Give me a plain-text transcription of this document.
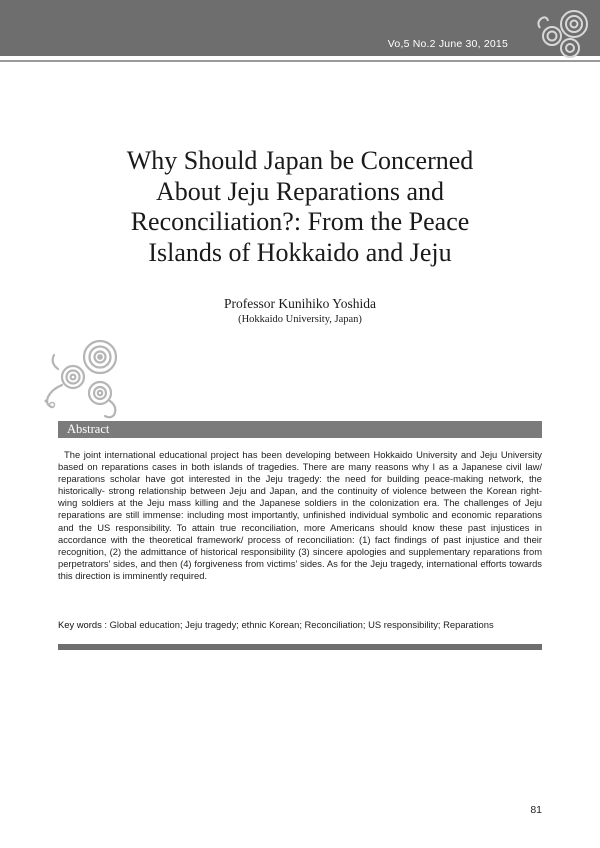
Vo,5 No.2 June 30, 2015
Why Should Japan be Concerned
About Jeju Reparations and
Reconciliation?: From the Peace
Islands of Hokkaido and Jeju
Professor Kunihiko Yoshida
(Hokkaido University, Japan)
Abstract
The joint international educational project has been developing between Hokkaido University and Jeju University based on reparations cases in both islands of tragedies. There are many reasons why I as a Japanese civil law/ reparations scholar have got interested in the Jeju tragedy: the need for building peace-making network, the historically- strong relationship between Jeju and Japan, and the continuity of violence between the Korean right-wing soldiers at the Jeju mass killing and the Japanese soldiers in the colonization era. The challenges of Jeju reparations are still immense: including most importantly, unfinished individual symbolic and economic reparations and the US responsibility. To attain true reconciliation, more Americans should know these past injustices in accordance with the theoretical framework/ process of reconciliation: (1) fact findings of past injustice and their recognition, (2) the admittance of historical responsibility (3) sincere apologies and supplementary reparations from perpetrators’ sides, and then (4) forgiveness from victims’ sides. As for the Jeju tragedy, international efforts towards this direction is imminently required.
Key words : Global education; Jeju tragedy; ethnic Korean; Reconciliation; US responsibility; Reparations
81
